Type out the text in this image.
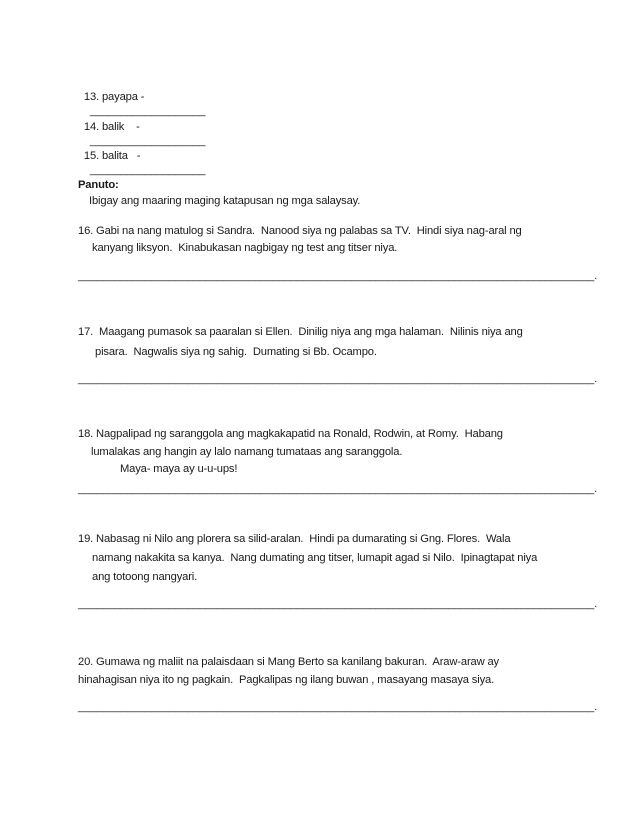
13. payapa -
___________________

14. balik    -
___________________

15. balita   -
___________________

Panuto:
Ibigay ang maaring maging katapusan ng mga salaysay.
16. Gabi na nang matulog si Sandra.  Nanood siya ng palabas sa TV.  Hindi siya nag-aral ng
kanyang liksyon.  Kinabukasan nagbigay ng test ang titser niya.
_____________________________________________________________________________________.
17.  Maagang pumasok sa paaralan si Ellen.  Dinilig niya ang mga halaman.  Nilinis niya ang
pisara.  Nagwalis siya ng sahig.  Dumating si Bb. Ocampo.
_____________________________________________________________________________________.
18. Nagpalipad ng saranggola ang magkakapatid na Ronald, Rodwin, at Romy.  Habang
lumalakas ang hangin ay lalo namang tumataas ang saranggola.
Maya- maya ay u-u-ups!
_____________________________________________________________________________________.
19. Nabasag ni Nilo ang plorera sa silid-aralan.  Hindi pa dumarating si Gng. Flores.  Wala
namang nakakita sa kanya.  Nang dumating ang titser, lumapit agad si Nilo.  Ipinagtapat niya
ang totoong nangyari.
_____________________________________________________________________________________.
20. Gumawa ng maliit na palaisdaan si Mang Berto sa kanilang bakuran.  Araw-araw ay
hinahagisan niya ito ng pagkain.  Pagkalipas ng ilang buwan , masayang masaya siya.
_____________________________________________________________________________________.
